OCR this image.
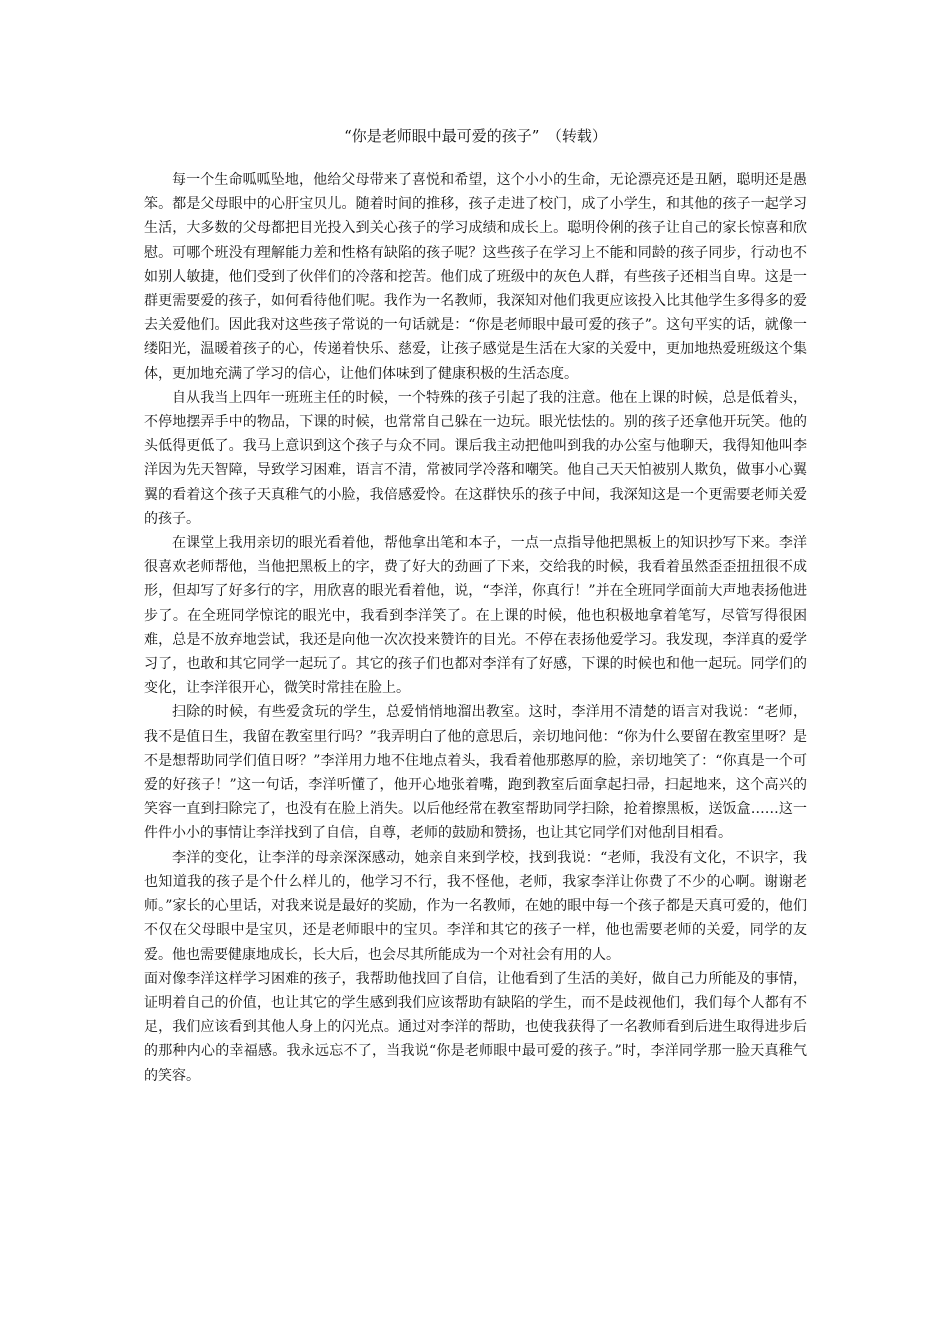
“你是老师眼中最可爱的孩子”　（转载）

每一个生命呱呱坠地，他给父母带来了喜悦和希望，这个小小的生命，无论漂亮还是丑陋，聪明还是愚笨。都是父母眼中的心肝宝贝儿。随着时间的推移，孩子走进了校门，成了小学生，和其他的孩子一起学习生活，大多数的父母都把目光投入到关心孩子的学习成绩和成长上。聪明伶俐的孩子让自己的家长惊喜和欣慰。可哪个班没有理解能力差和性格有缺陷的孩子呢？这些孩子在学习上不能和同龄的孩子同步，行动也不如别人敏捷，他们受到了伙伴们的冷落和挖苦。他们成了班级中的灰色人群，有些孩子还相当自卑。这是一群更需要爱的孩子，如何看待他们呢。我作为一名教师，我深知对他们我更应该投入比其他学生多得多的爱去关爱他们。因此我对这些孩子常说的一句话就是：“你是老师眼中最可爱的孩子”。这句平实的话，就像一缕阳光，温暖着孩子的心，传递着快乐、慈爱，让孩子感觉是生活在大家的关爱中，更加地热爱班级这个集体，更加地充满了学习的信心，让他们体味到了健康积极的生活态度。

自从我当上四年一班班主任的时候，一个特殊的孩子引起了我的注意。他在上课的时候，总是低着头，不停地摆弄手中的物品，下课的时候，也常常自己躲在一边玩。眼光怯怯的。别的孩子还拿他开玩笑。他的头低得更低了。我马上意识到这个孩子与众不同。课后我主动把他叫到我的办公室与他聊天，我得知他叫李洋因为先天智障，导致学习困难，语言不清，常被同学冷落和嘲笑。他自己天天怕被别人欺负，做事小心翼翼的看着这个孩子天真稚气的小脸，我倍感爱怜。在这群快乐的孩子中间，我深知这是一个更需要老师关爱的孩子。

在课堂上我用亲切的眼光看着他，帮他拿出笔和本子，一点一点指导他把黑板上的知识抄写下来。李洋很喜欢老师帮他，当他把黑板上的字，费了好大的劲画了下来，交给我的时候，我看着虽然歪歪扭扭很不成形，但却写了好多行的字，用欣喜的眼光看着他，说，“李洋，你真行！”并在全班同学面前大声地表扬他进步了。在全班同学惊诧的眼光中，我看到李洋笑了。在上课的时候，他也积极地拿着笔写，尽管写得很困难，总是不放弃地尝试，我还是向他一次次投来赞许的目光。不停在表扬他爱学习。我发现，李洋真的爱学习了，也敢和其它同学一起玩了。其它的孩子们也都对李洋有了好感，下课的时候也和他一起玩。同学们的变化，让李洋很开心，微笑时常挂在脸上。

扫除的时候，有些爱贪玩的学生，总爱悄悄地溜出教室。这时，李洋用不清楚的语言对我说：“老师，我不是值日生，我留在教室里行吗？”我弄明白了他的意思后，亲切地问他：“你为什么要留在教室里呀？是不是想帮助同学们值日呀？”李洋用力地不住地点着头，我看着他那憨厚的脸，亲切地笑了：“你真是一个可爱的好孩子！”这一句话，李洋听懂了，他开心地张着嘴，跑到教室后面拿起扫帚，扫起地来，这个高兴的笑容一直到扫除完了，也没有在脸上消失。以后他经常在教室帮助同学扫除，抢着擦黑板，送饭盒……这一件件小小的事情让李洋找到了自信，自尊，老师的鼓励和赞扬，也让其它同学们对他刮目相看。

李洋的变化，让李洋的母亲深深感动，她亲自来到学校，找到我说：“老师，我没有文化，不识字，我也知道我的孩子是个什么样儿的，他学习不行，我不怪他，老师，我家李洋让你费了不少的心啊。谢谢老师。”家长的心里话，对我来说是最好的奖励，作为一名教师，在她的眼中每一个孩子都是天真可爱的，他们不仅在父母眼中是宝贝，还是老师眼中的宝贝。李洋和其它的孩子一样，他也需要老师的关爱，同学的友爱。他也需要健康地成长，长大后，也会尽其所能成为一个对社会有用的人。

面对像李洋这样学习困难的孩子，我帮助他找回了自信，让他看到了生活的美好，做自己力所能及的事情，证明着自己的价值，也让其它的学生感到我们应该帮助有缺陷的学生，而不是歧视他们，我们每个人都有不足，我们应该看到其他人身上的闪光点。通过对李洋的帮助，也使我获得了一名教师看到后进生取得进步后的那种内心的幸福感。我永远忘不了，当我说“你是老师眼中最可爱的孩子。”时，李洋同学那一脸天真稚气的笑容。
